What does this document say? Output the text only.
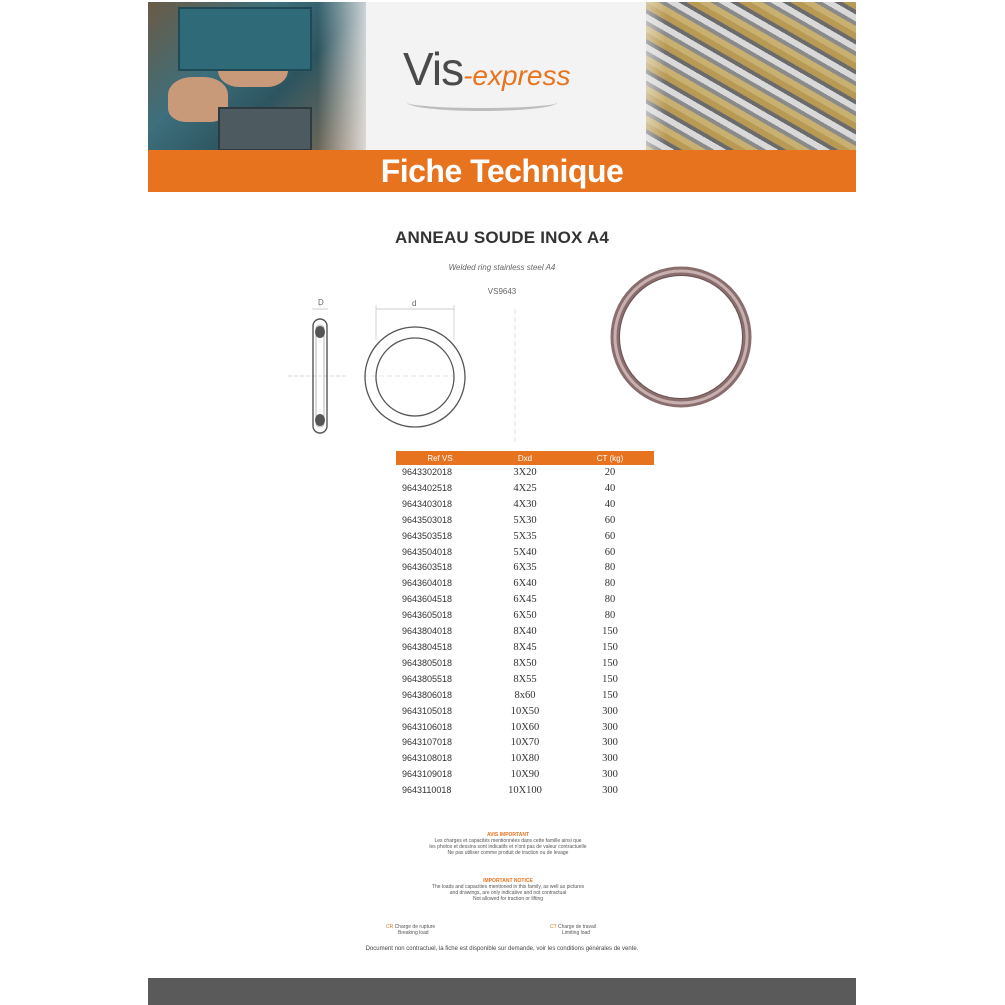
Vis-express
Fiche Technique
ANNEAU SOUDE INOX A4
Welded ring stainless steel A4
VS9643
D	d
Ref VS	Dxd	CT (kg)
9643302018	3X20	20
9643402518	4X25	40
9643403018	4X30	40
9643503018	5X30	60
9643503518	5X35	60
9643504018	5X40	60
9643603518	6X35	80
9643604018	6X40	80
9643604518	6X45	80
9643605018	6X50	80
9643804018	8X40	150
9643804518	8X45	150
9643805018	8X50	150
9643805518	8X55	150
9643806018	8x60	150
9643105018	10X50	300
9643106018	10X60	300
9643107018	10X70	300
9643108018	10X80	300
9643109018	10X90	300
9643110018	10X100	300
AVIS IMPORTANT
Les charges et capacités mentionnées dans cette famille ainsi que
les photos et dessins sont indicatifs et n'ont pas de valeur contractuelle
Ne pas utiliser comme produit de traction ou de levage
IMPORTANT NOTICE
The loads and capacities mentioned in this family, as well as pictures
and drawings, are only indicative and not contractual
Not allowed for traction or lifting
CR Charge de rupture
Breaking load
CT Charge de travail
Limiting load
Document non contractuel, la fiche est disponible sur demande, voir les conditions générales de vente.
